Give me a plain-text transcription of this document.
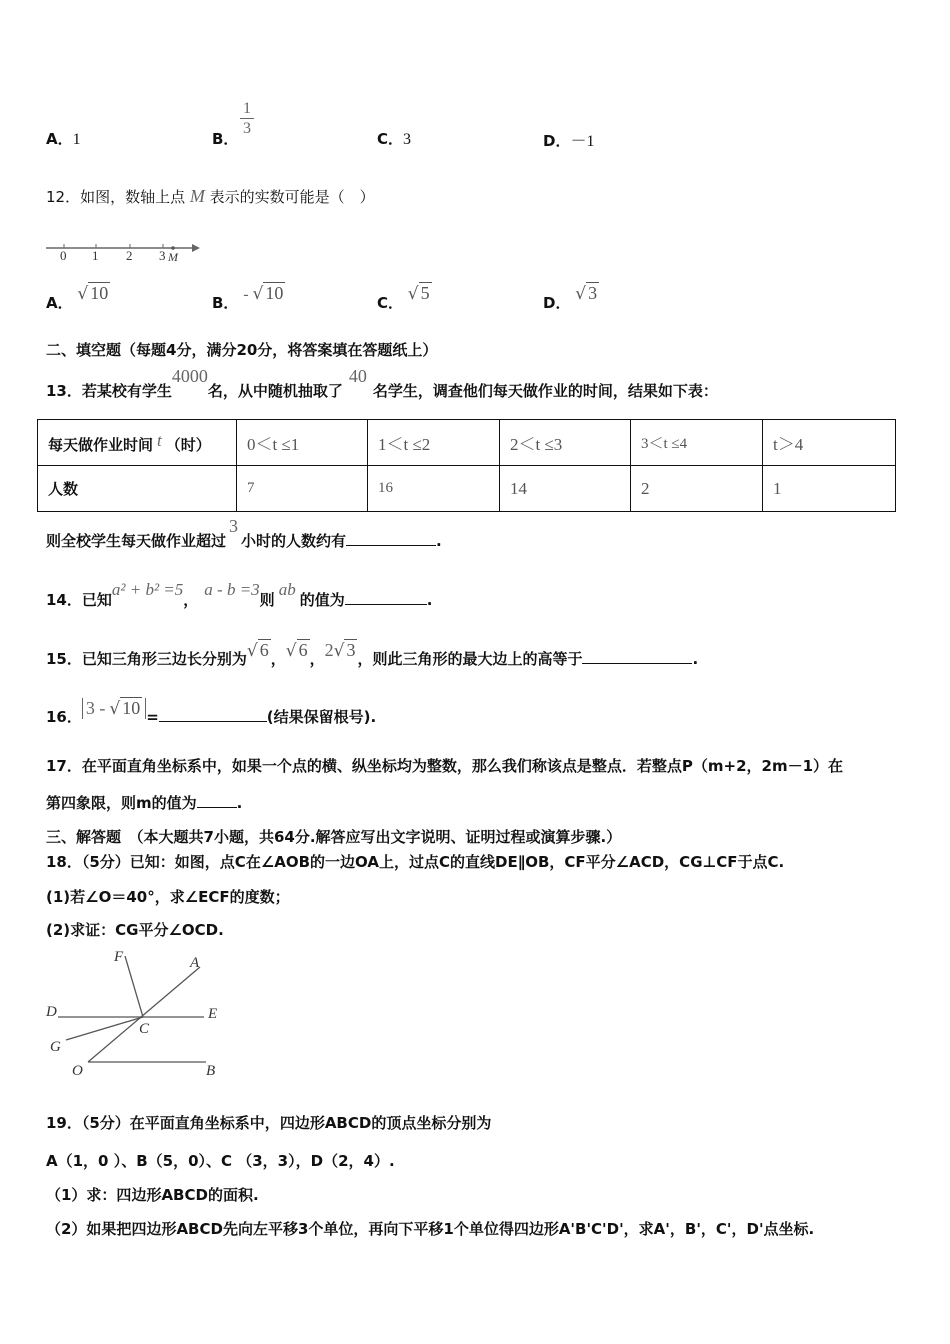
A．1	B．
1
3
C．3	D．－1
12．如图，数轴上点 M 表示的实数可能是（　）
0 1 2 3 M
A． √ 10	B． - √ 10	C． √ 5	D． √ 3
二、填空题（每题4分，满分20分，将答案填在答题纸上）
13．若某校有学生4000名，从中随机抽取了40名学生，调查他们每天做作业的时间，结果如下表：
每天做作业时间 t （时）	0＜t ≤1	1＜t ≤2	2＜t ≤3	3＜t ≤4	t＞4
人数	7	16	14	2	1
则全校学生每天做作业超过3小时的人数约有	.
14．已知a² + b² =5，a - b =3则ab的值为	.
15．已知三角形三边长分别为√ 6 ，√ 6 ，2√ 3 ，则此三角形的最大边上的高等于	.
16． 3 - √ 10 =	(结果保留根号).
17．在平面直角坐标系中，如果一个点的横、纵坐标均为整数，那么我们称该点是整点．若整点P（m+2，2m－1）在
第四象限，则m的值为	.
三、解答题　（本大题共7小题，共64分.解答应写出文字说明、证明过程或演算步骤.）
18．（5分）已知：如图，点C在∠AOB的一边OA上，过点C的直线DE∥OB，CF平分∠ACD，CG⊥CF于点C.
(1)若∠O＝40°，求∠ECF的度数；
(2)求证：CG平分∠OCD.
F	A
D	E
C
G
O	B
19．（5分）在平面直角坐标系中，四边形ABCD的顶点坐标分别为
A（1，0 ）、B（5，0）、C （3，3），D（2，4）.
（1）求：四边形ABCD的面积.
（2）如果把四边形ABCD先向左平移3个单位，再向下平移1个单位得四边形A'B'C'D'，求A'，B'，C'，D'点坐标.
